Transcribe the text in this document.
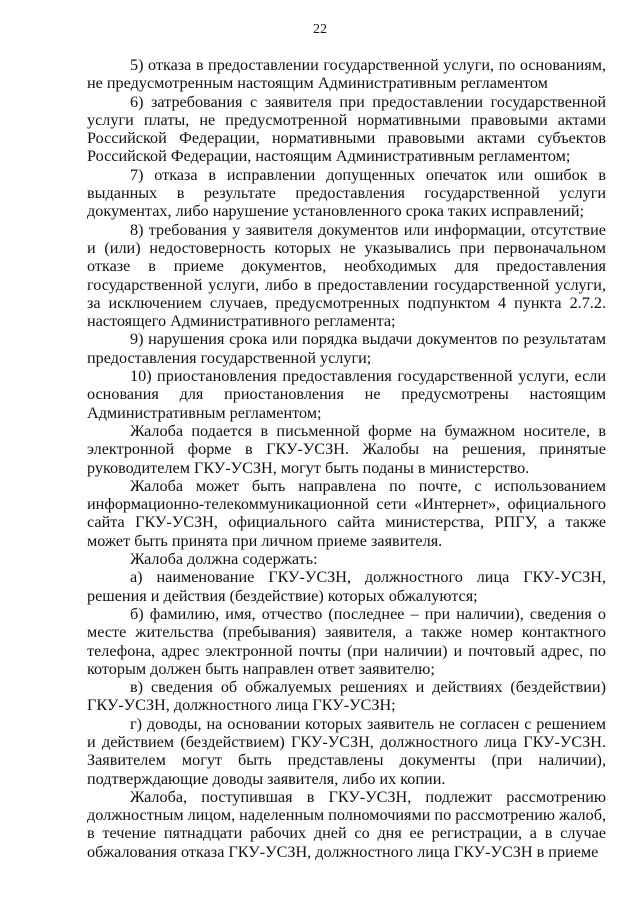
22

5) отказа в предоставлении государственной услуги, по основаниям, не предусмотренным настоящим Административным регламентом

6) затребования с заявителя при предоставлении государственной услуги платы, не предусмотренной нормативными правовыми актами Российской Федерации, нормативными правовыми актами субъектов Российской Федерации, настоящим Административным регламентом;

7) отказа в исправлении допущенных опечаток или ошибок в выданных в результате предоставления государственной услуги документах, либо нарушение установленного срока таких исправлений;

8) требования у заявителя документов или информации, отсутствие и (или) недостоверность которых не указывались при первоначальном отказе в приеме документов, необходимых для предоставления государственной услуги, либо в предоставлении государственной услуги, за исключением случаев, предусмотренных подпунктом 4 пункта 2.7.2. настоящего Административного регламента;

9) нарушения срока или порядка выдачи документов по результатам предоставления государственной услуги;

10) приостановления предоставления государственной услуги, если основания для приостановления не предусмотрены настоящим Административным регламентом;

Жалоба подается в письменной форме на бумажном носителе, в электронной форме в ГКУ-УСЗН. Жалобы на решения, принятые руководителем ГКУ-УСЗН, могут быть поданы в министерство.

Жалоба может быть направлена по почте, с использованием информационно-телекоммуникационной сети «Интернет», официального сайта ГКУ-УСЗН, официального сайта министерства, РПГУ, а также может быть принята при личном приеме заявителя.

Жалоба должна содержать:

а) наименование ГКУ-УСЗН, должностного лица ГКУ-УСЗН, решения и действия (бездействие) которых обжалуются;

б) фамилию, имя, отчество (последнее – при наличии), сведения о месте жительства (пребывания) заявителя, а также номер контактного телефона, адрес электронной почты (при наличии) и почтовый адрес, по которым должен быть направлен ответ заявителю;

в) сведения об обжалуемых решениях и действиях (бездействии) ГКУ-УСЗН, должностного лица ГКУ-УСЗН;

г) доводы, на основании которых заявитель не согласен с решением и действием (бездействием) ГКУ-УСЗН, должностного лица ГКУ-УСЗН. Заявителем могут быть представлены документы (при наличии), подтверждающие доводы заявителя, либо их копии.

Жалоба, поступившая в ГКУ-УСЗН, подлежит рассмотрению должностным лицом, наделенным полномочиями по рассмотрению жалоб, в течение пятнадцати рабочих дней со дня ее регистрации, а в случае обжалования отказа ГКУ-УСЗН, должностного лица ГКУ-УСЗН в приеме
